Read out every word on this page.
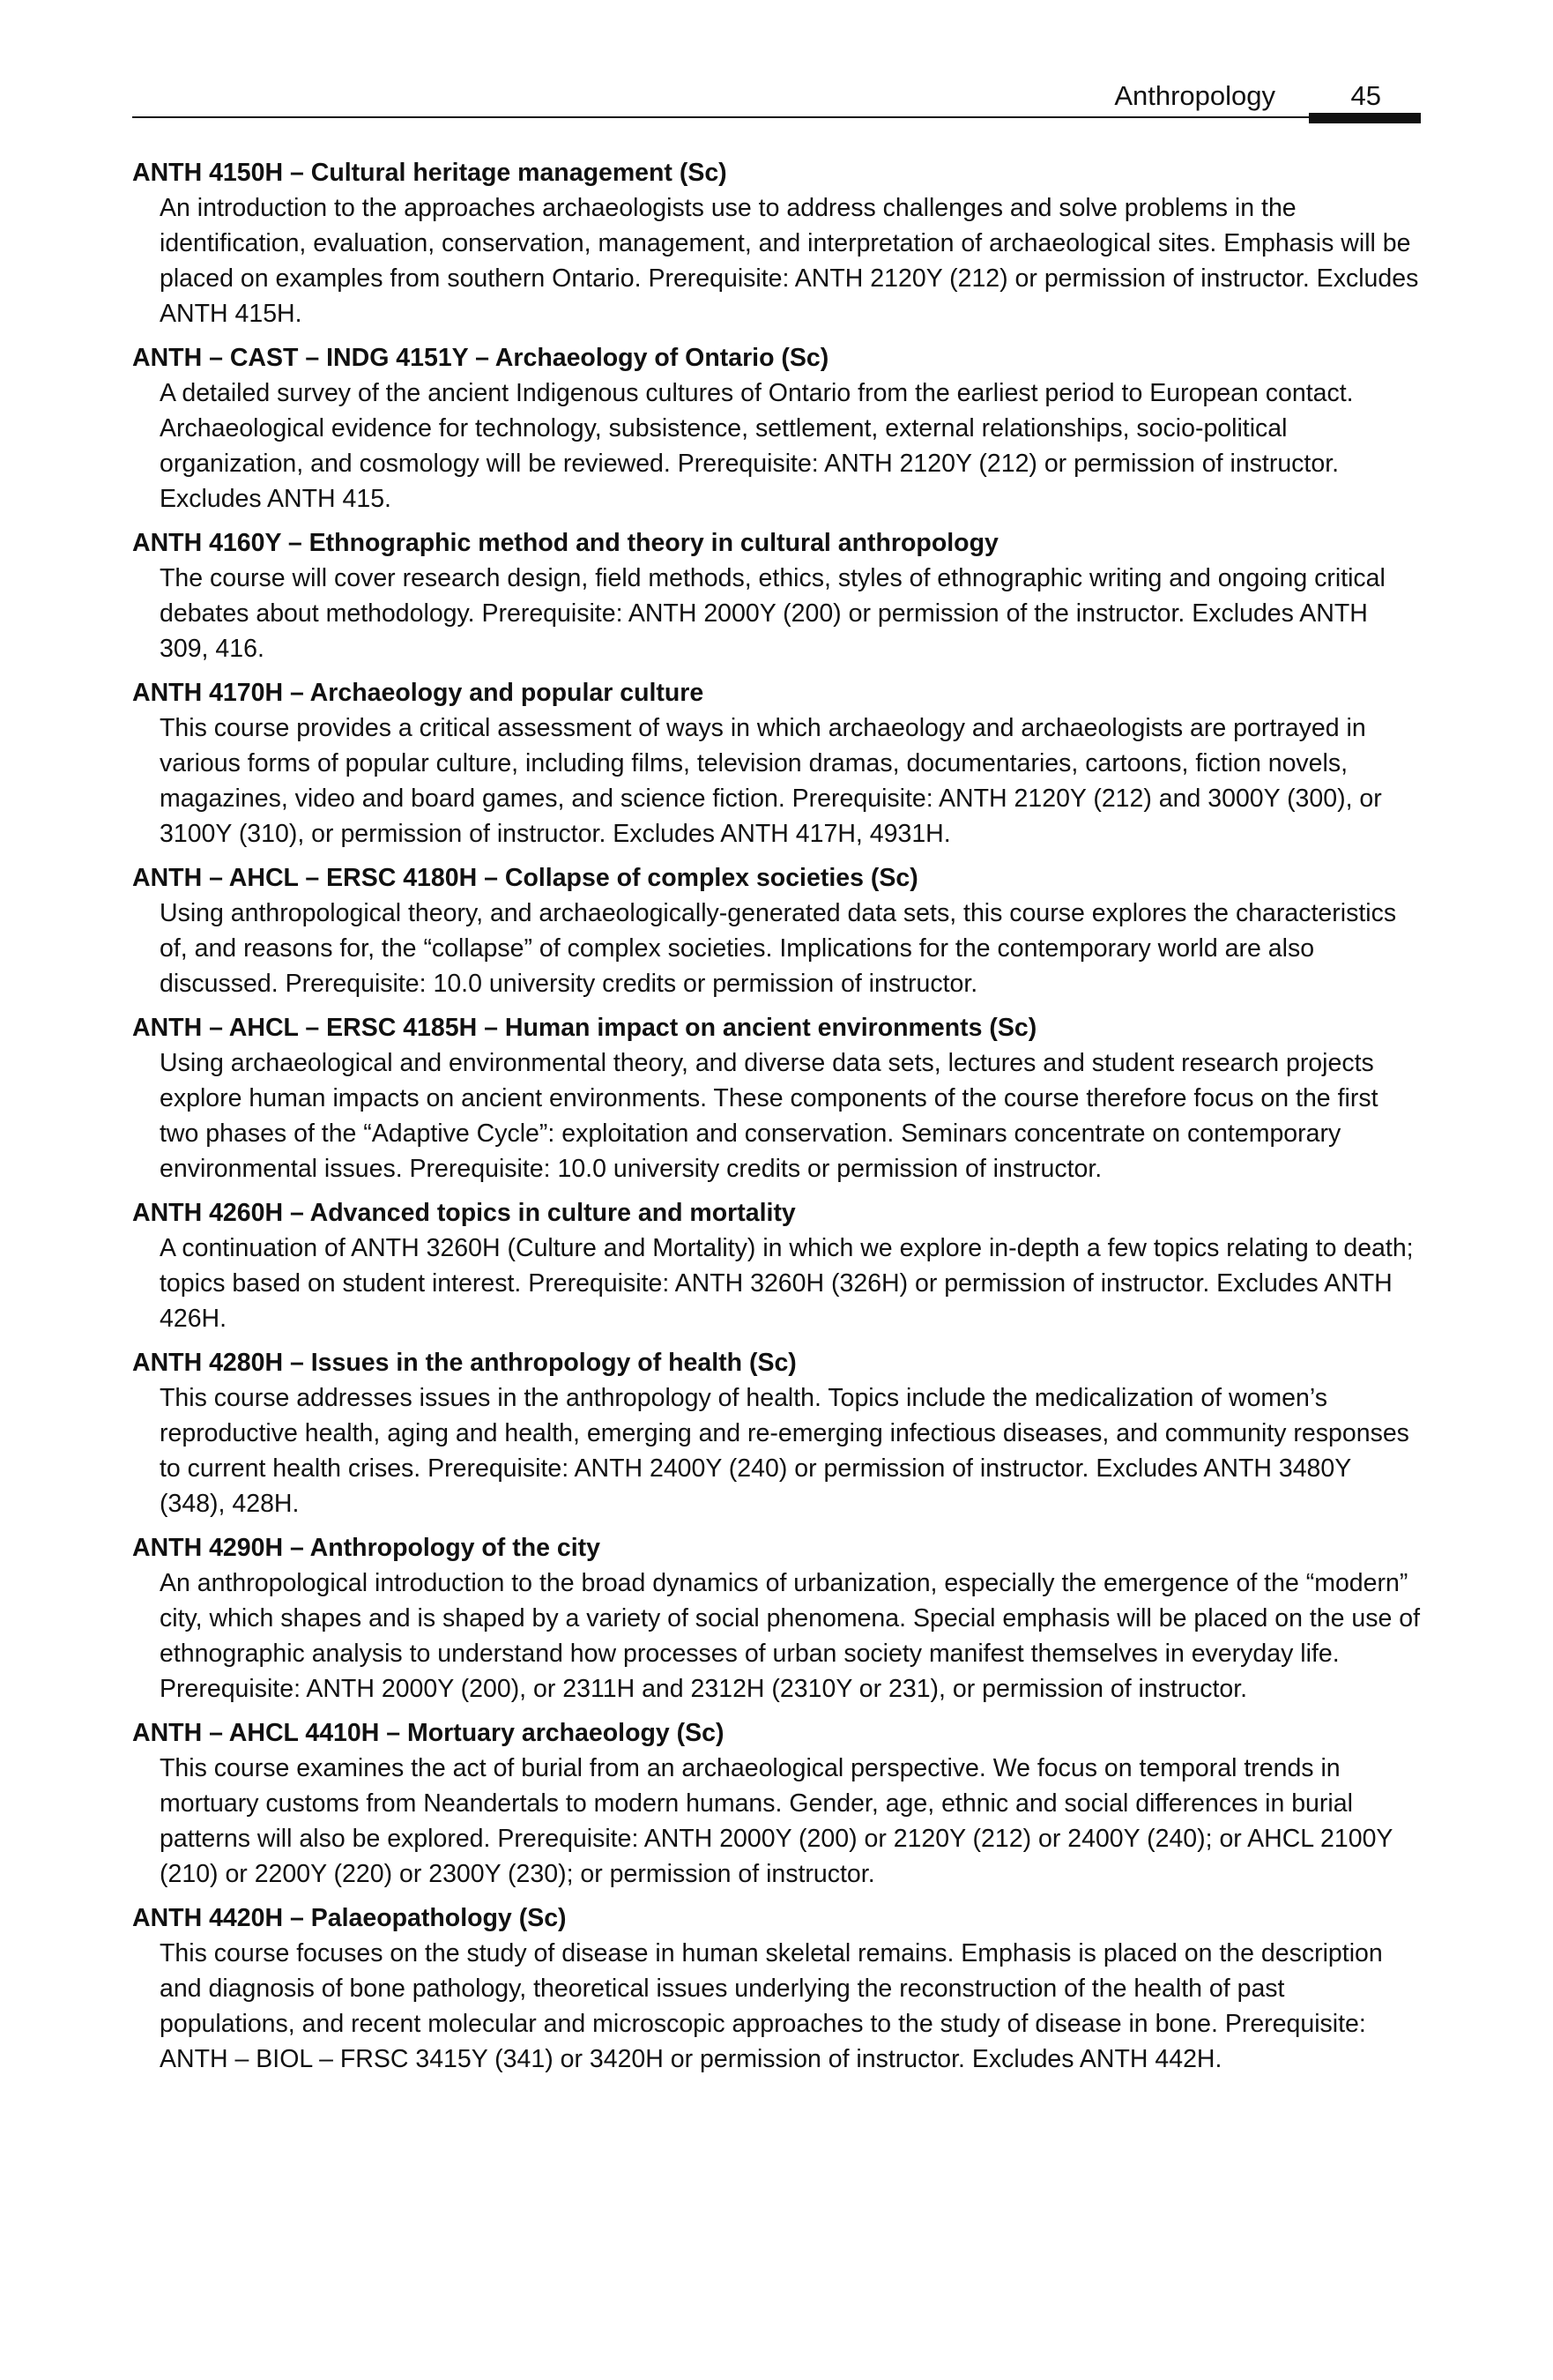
Anthropology	45

ANTH 4150H – Cultural heritage management (Sc)

An introduction to the approaches archaeologists use to address challenges and solve problems in the identification, evaluation, conservation, management, and interpretation of archaeological sites. Emphasis will be placed on examples from southern Ontario. Prerequisite: ANTH 2120Y (212) or permission of instructor. Excludes ANTH 415H.

ANTH – CAST – INDG 4151Y – Archaeology of Ontario (Sc)

A detailed survey of the ancient Indigenous cultures of Ontario from the earliest period to European contact. Archaeological evidence for technology, subsistence, settlement, external relationships, socio-political organization, and cosmology will be reviewed. Prerequisite: ANTH 2120Y (212) or permission of instructor. Excludes ANTH 415.

ANTH 4160Y – Ethnographic method and theory in cultural anthropology

The course will cover research design, field methods, ethics, styles of ethnographic writing and ongoing critical debates about methodology. Prerequisite: ANTH 2000Y (200) or permission of the instructor. Excludes ANTH 309, 416.

ANTH 4170H – Archaeology and popular culture

This course provides a critical assessment of ways in which archaeology and archaeologists are portrayed in various forms of popular culture, including films, television dramas, documentaries, cartoons, fiction novels, magazines, video and board games, and science fiction. Prerequisite: ANTH 2120Y (212) and 3000Y (300), or 3100Y (310), or permission of instructor. Excludes ANTH 417H, 4931H.

ANTH – AHCL – ERSC 4180H – Collapse of complex societies (Sc)

Using anthropological theory, and archaeologically-generated data sets, this course explores the characteristics of, and reasons for, the “collapse” of complex societies. Implications for the contemporary world are also discussed. Prerequisite: 10.0 university credits or permission of instructor.

ANTH – AHCL – ERSC 4185H – Human impact on ancient environments (Sc)

Using archaeological and environmental theory, and diverse data sets, lectures and student research projects explore human impacts on ancient environments. These components of the course therefore focus on the first two phases of the “Adaptive Cycle”: exploitation and conservation. Seminars concentrate on contemporary environmental issues. Prerequisite: 10.0 university credits or permission of instructor.

ANTH 4260H – Advanced topics in culture and mortality

A continuation of ANTH 3260H (Culture and Mortality) in which we explore in-depth a few topics relating to death; topics based on student interest. Prerequisite: ANTH 3260H (326H) or permission of instructor. Excludes ANTH 426H.

ANTH 4280H – Issues in the anthropology of health (Sc)

This course addresses issues in the anthropology of health. Topics include the medicalization of women’s reproductive health, aging and health, emerging and re-emerging infectious diseases, and community responses to current health crises. Prerequisite: ANTH 2400Y (240) or permission of instructor. Excludes ANTH 3480Y (348), 428H.

ANTH 4290H – Anthropology of the city

An anthropological introduction to the broad dynamics of urbanization, especially the emergence of the “modern” city, which shapes and is shaped by a variety of social phenomena. Special emphasis will be placed on the use of ethnographic analysis to understand how processes of urban society manifest themselves in everyday life. Prerequisite: ANTH 2000Y (200), or 2311H and 2312H (2310Y or 231), or permission of instructor.

ANTH – AHCL 4410H – Mortuary archaeology (Sc)

This course examines the act of burial from an archaeological perspective. We focus on temporal trends in mortuary customs from Neandertals to modern humans. Gender, age, ethnic and social differences in burial patterns will also be explored. Prerequisite: ANTH 2000Y (200) or 2120Y (212) or 2400Y (240); or AHCL 2100Y (210) or 2200Y (220) or 2300Y (230); or permission of instructor.

ANTH 4420H – Palaeopathology (Sc)

This course focuses on the study of disease in human skeletal remains. Emphasis is placed on the description and diagnosis of bone pathology, theoretical issues underlying the reconstruction of the health of past populations, and recent molecular and microscopic approaches to the study of disease in bone. Prerequisite: ANTH – BIOL – FRSC 3415Y (341) or 3420H or permission of instructor. Excludes ANTH 442H.
